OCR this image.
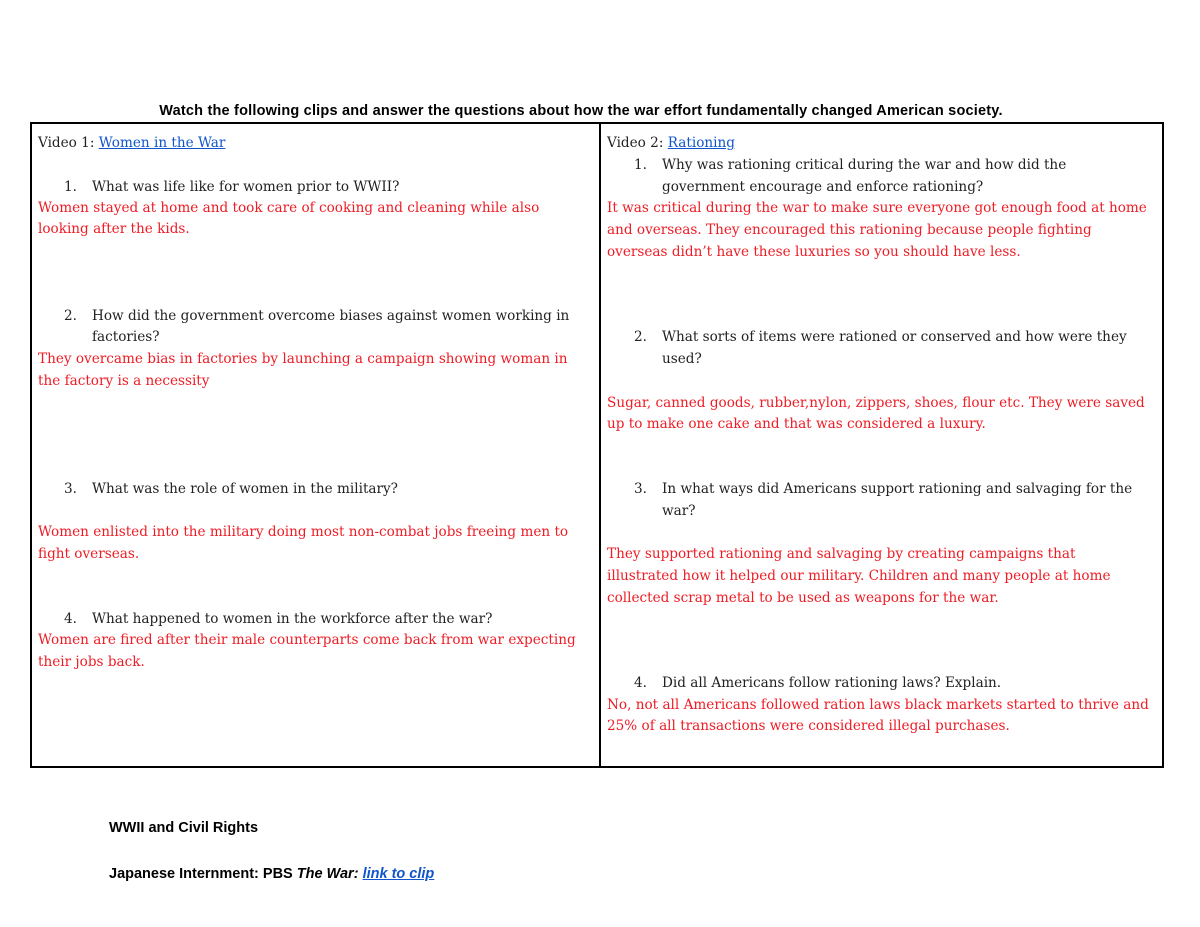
Watch the following clips and answer the questions about how the war effort fundamentally changed American society.
Video 1: Women in the War
1. What was life like for women prior to WWII?
Women stayed at home and took care of cooking and cleaning while also
looking after the kids.
2. How did the government overcome biases against women working in
factories?
They overcame bias in factories by launching a campaign showing woman in
the factory is a necessity
3. What was the role of women in the military?
Women enlisted into the military doing most non-combat jobs freeing men to
fight overseas.
4. What happened to women in the workforce after the war?
Women are fired after their male counterparts come back from war expecting
their jobs back.
Video 2: Rationing
1. Why was rationing critical during the war and how did the
government encourage and enforce rationing?
It was critical during the war to make sure everyone got enough food at home
and overseas. They encouraged this rationing because people fighting
overseas didn’t have these luxuries so you should have less.
2. What sorts of items were rationed or conserved and how were they
used?
Sugar, canned goods, rubber,nylon, zippers, shoes, flour etc. They were saved
up to make one cake and that was considered a luxury.
3. In what ways did Americans support rationing and salvaging for the
war?
They supported rationing and salvaging by creating campaigns that
illustrated how it helped our military. Children and many people at home
collected scrap metal to be used as weapons for the war.
4. Did all Americans follow rationing laws? Explain.
No, not all Americans followed ration laws black markets started to thrive and
25% of all transactions were considered illegal purchases.
WWII and Civil Rights
Japanese Internment: PBS The War: link to clip
